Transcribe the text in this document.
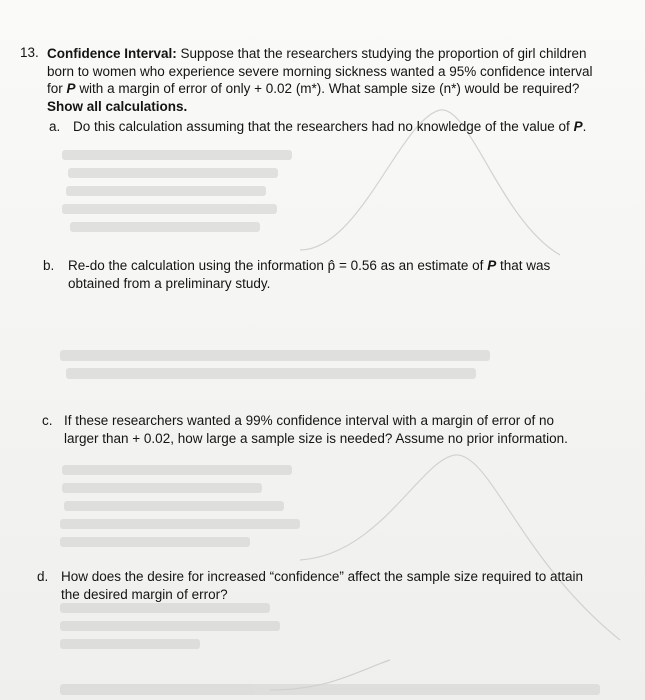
13. Confidence Interval: Suppose that the researchers studying the proportion of girl children
born to women who experience severe morning sickness wanted a 95% confidence interval
for P with a margin of error of only + 0.02 (m*). What sample size (n*) would be required?
Show all calculations.
a. Do this calculation assuming that the researchers had no knowledge of the value of P.
b. Re-do the calculation using the information p̂ = 0.56 as an estimate of P that was
obtained from a preliminary study.
c. If these researchers wanted a 99% confidence interval with a margin of error of no
larger than + 0.02, how large a sample size is needed? Assume no prior information.
d. How does the desire for increased “confidence” affect the sample size required to attain
the desired margin of error?
